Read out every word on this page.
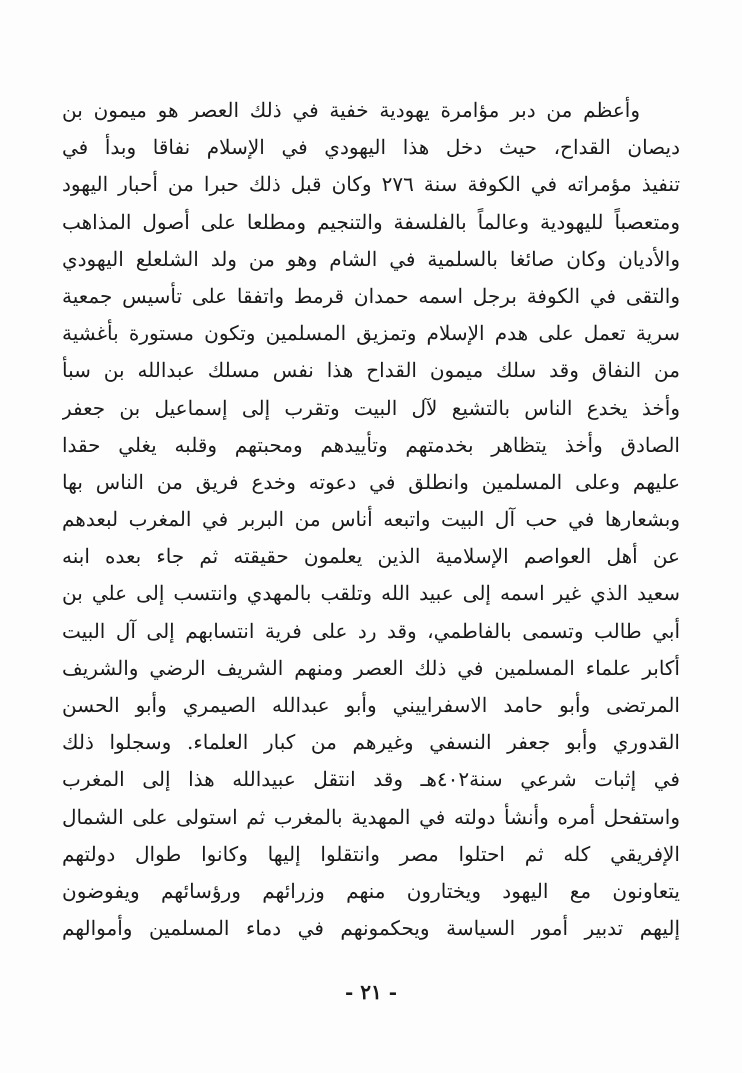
وأعظم من دبر مؤامرة يهودية خفية في ذلك العصر هو ميمون بن
ديصان القداح، حيث دخل هذا اليهودي في الإسلام نفاقا وبدأ في
تنفيذ مؤمراته في الكوفة سنة ٢٧٦ وكان قبل ذلك حبرا من أحبار اليهود
ومتعصباً لليهودية وعالماً بالفلسفة والتنجيم ومطلعا على أصول المذاهب
والأديان وكان صائغا بالسلمية في الشام وهو من ولد الشلعلع اليهودي
والتقى في الكوفة برجل اسمه حمدان قرمط واتفقا على تأسيس جمعية
سرية تعمل على هدم الإسلام وتمزيق المسلمين وتكون مستورة بأغشية
من النفاق وقد سلك ميمون القداح هذا نفس مسلك عبدالله بن سبأ
وأخذ يخدع الناس بالتشيع لآل البيت وتقرب إلى إسماعيل بن جعفر
الصادق وأخذ يتظاهر بخدمتهم وتأييدهم ومحبتهم وقلبه يغلي حقدا
عليهم وعلى المسلمين وانطلق في دعوته وخدع فريق من الناس بها
وبشعارها في حب آل البيت واتبعه أناس من البربر في المغرب لبعدهم
عن أهل العواصم الإسلامية الذين يعلمون حقيقته ثم جاء بعده ابنه
سعيد الذي غير اسمه إلى عبيد الله وتلقب بالمهدي وانتسب إلى علي بن
أبي طالب وتسمى بالفاطمي، وقد رد على فرية انتسابهم إلى آل البيت
أكابر علماء المسلمين في ذلك العصر ومنهم الشريف الرضي والشريف
المرتضى وأبو حامد الاسفراييني وأبو عبدالله الصيمري وأبو الحسن
القدوري وأبو جعفر النسفي وغيرهم من كبار العلماء. وسجلوا ذلك
في إثبات شرعي سنة٤٠٢هـ وقد انتقل عبيدالله هذا إلى المغرب
واستفحل أمره وأنشأ دولته في المهدية بالمغرب ثم استولى على الشمال
الإفريقي كله ثم احتلوا مصر وانتقلوا إليها وكانوا طوال دولتهم
يتعاونون مع اليهود ويختارون منهم وزرائهم ورؤسائهم ويفوضون
إليهم تدبير أمور السياسة ويحكمونهم في دماء المسلمين وأموالهم
- ٢١ -
